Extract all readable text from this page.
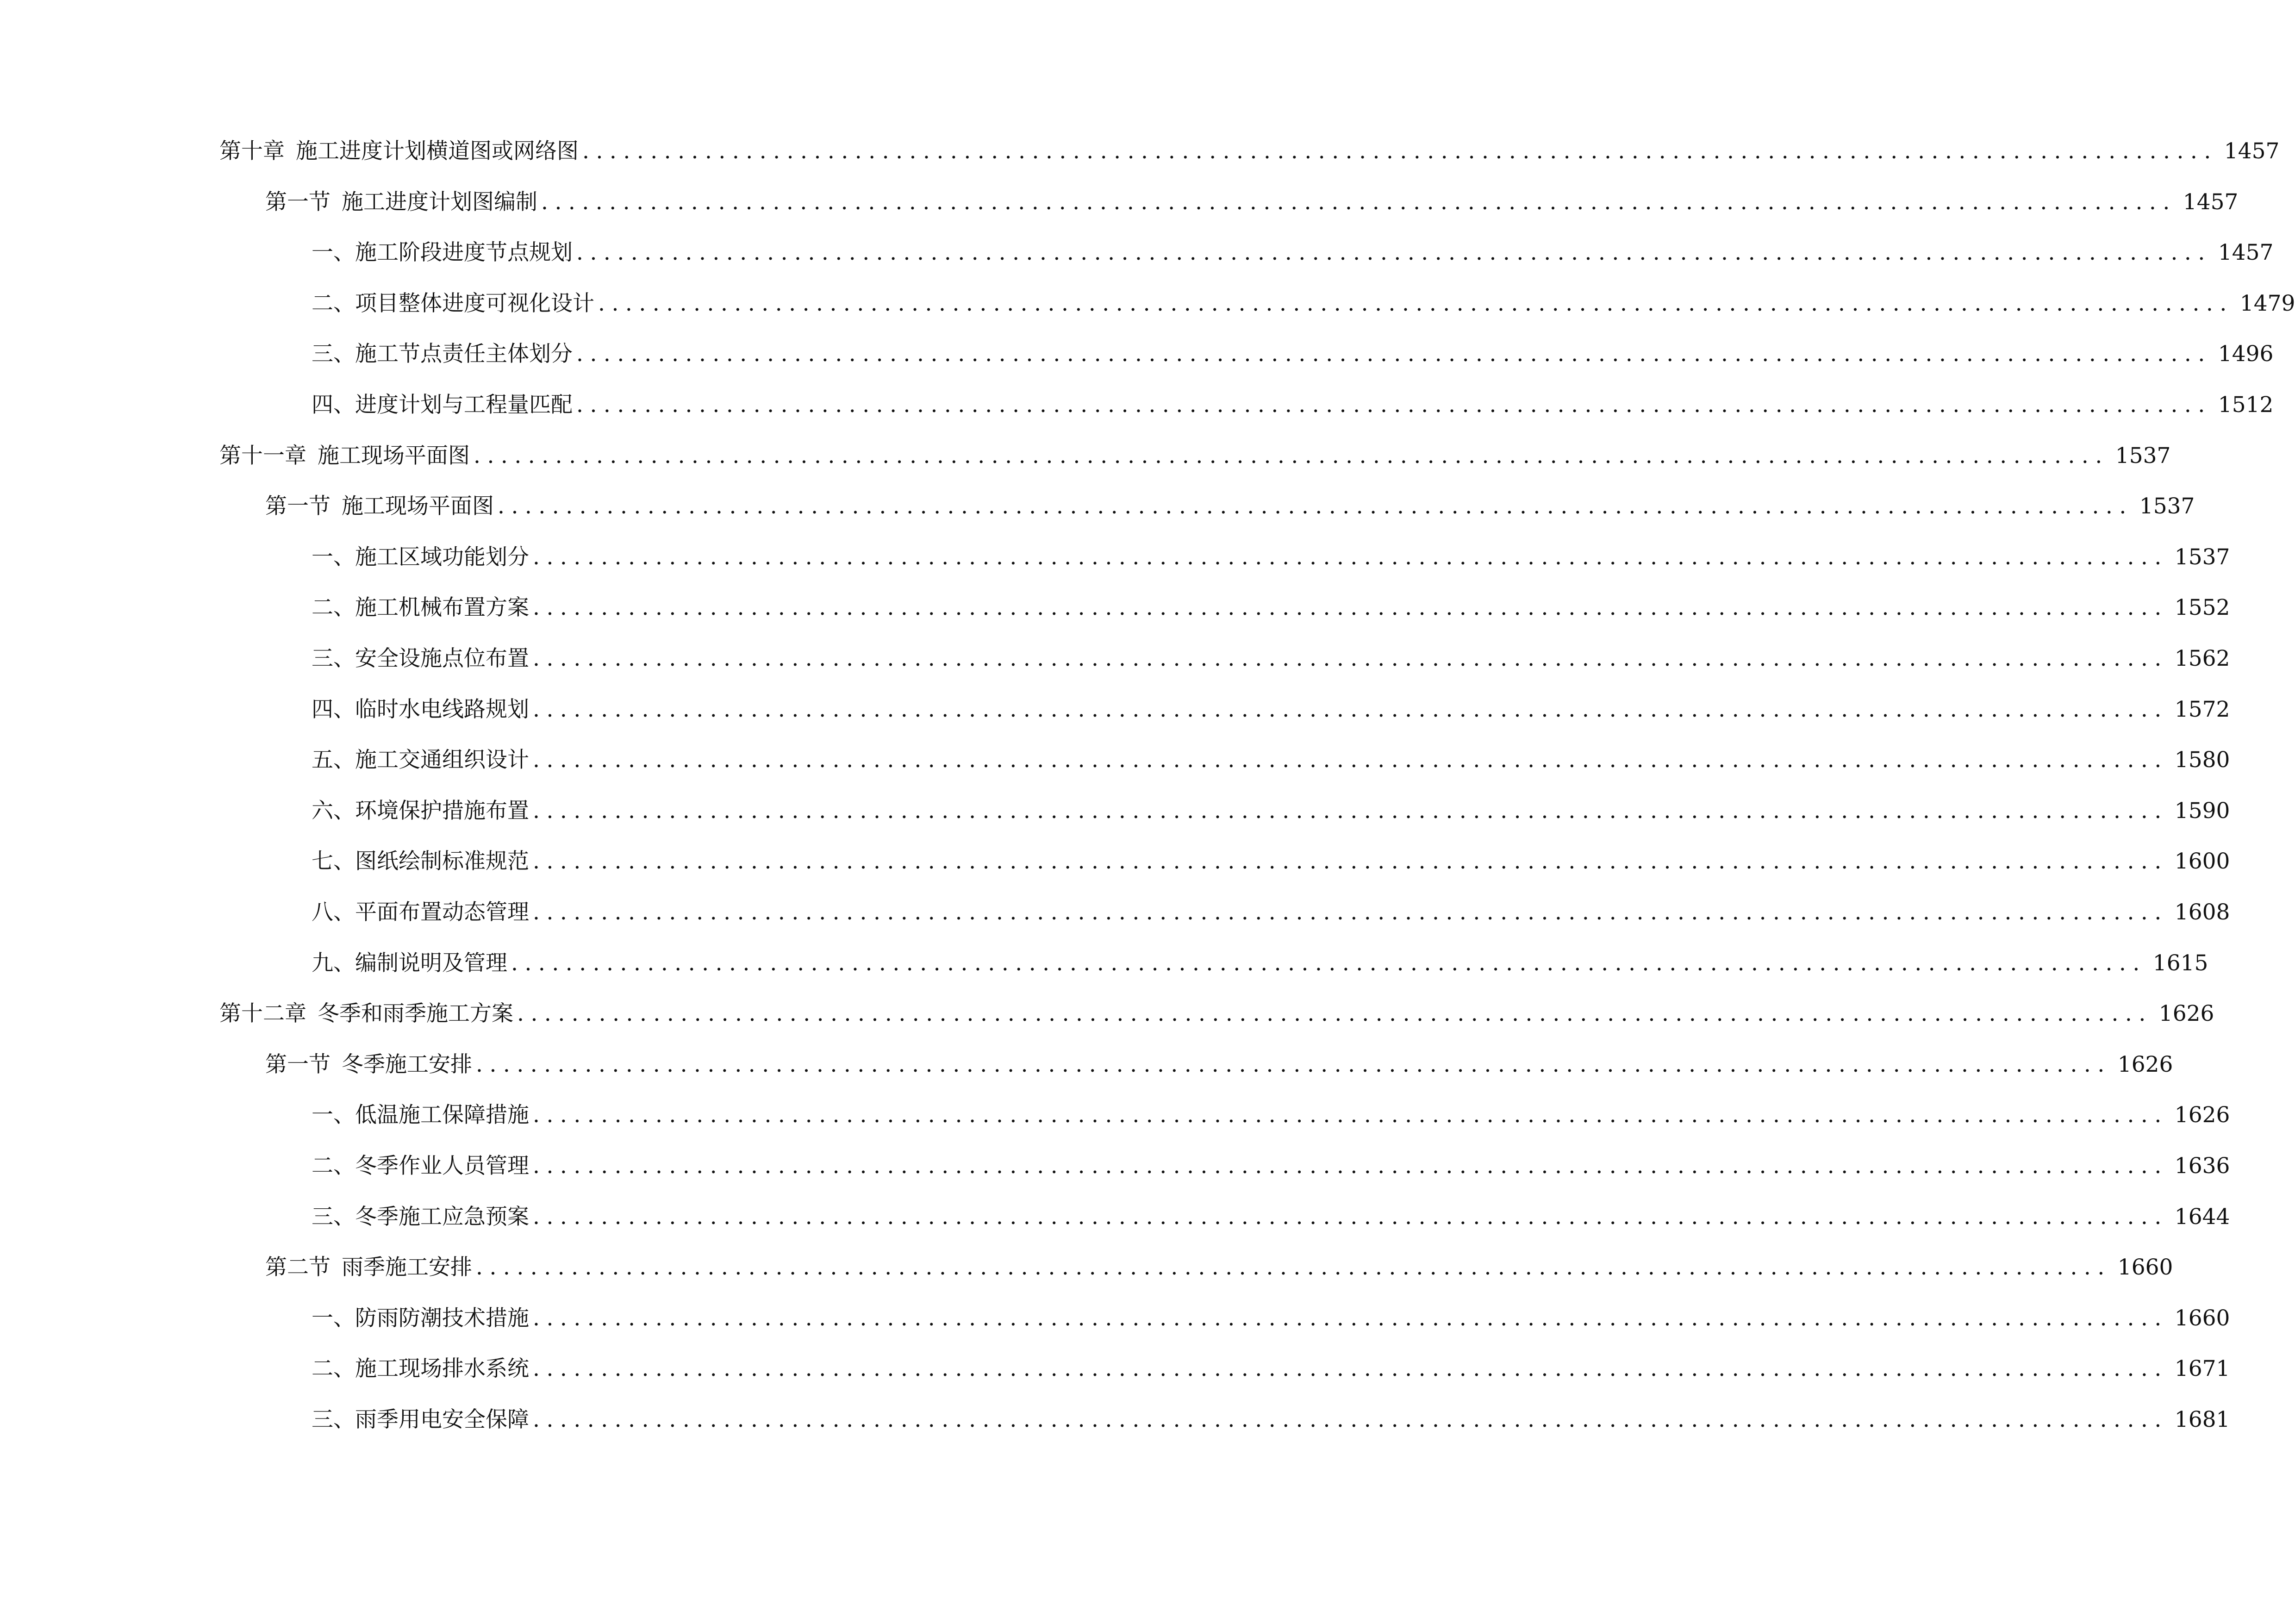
第十章 施工进度计划横道图或网络图 ........................................................................................................................ 1457
第一节 施工进度计划图编制 ........................................................................................................................ 1457
一、 施工阶段进度节点规划 ........................................................................................................................ 1457
二、 项目整体进度可视化设计 ........................................................................................................................ 1479
三、 施工节点责任主体划分 ........................................................................................................................ 1496
四、 进度计划与工程量匹配 ........................................................................................................................ 1512
第十一章 施工现场平面图 ........................................................................................................................ 1537
第一节 施工现场平面图 ........................................................................................................................ 1537
一、 施工区域功能划分 ........................................................................................................................ 1537
二、 施工机械布置方案 ........................................................................................................................ 1552
三、 安全设施点位布置 ........................................................................................................................ 1562
四、 临时水电线路规划 ........................................................................................................................ 1572
五、 施工交通组织设计 ........................................................................................................................ 1580
六、 环境保护措施布置 ........................................................................................................................ 1590
七、 图纸绘制标准规范 ........................................................................................................................ 1600
八、 平面布置动态管理 ........................................................................................................................ 1608
九、 编制说明及管理 ........................................................................................................................ 1615
第十二章 冬季和雨季施工方案 ........................................................................................................................ 1626
第一节 冬季施工安排 ........................................................................................................................ 1626
一、 低温施工保障措施 ........................................................................................................................ 1626
二、 冬季作业人员管理 ........................................................................................................................ 1636
三、 冬季施工应急预案 ........................................................................................................................ 1644
第二节 雨季施工安排 ........................................................................................................................ 1660
一、 防雨防潮技术措施 ........................................................................................................................ 1660
二、 施工现场排水系统 ........................................................................................................................ 1671
三、 雨季用电安全保障 ........................................................................................................................ 1681
